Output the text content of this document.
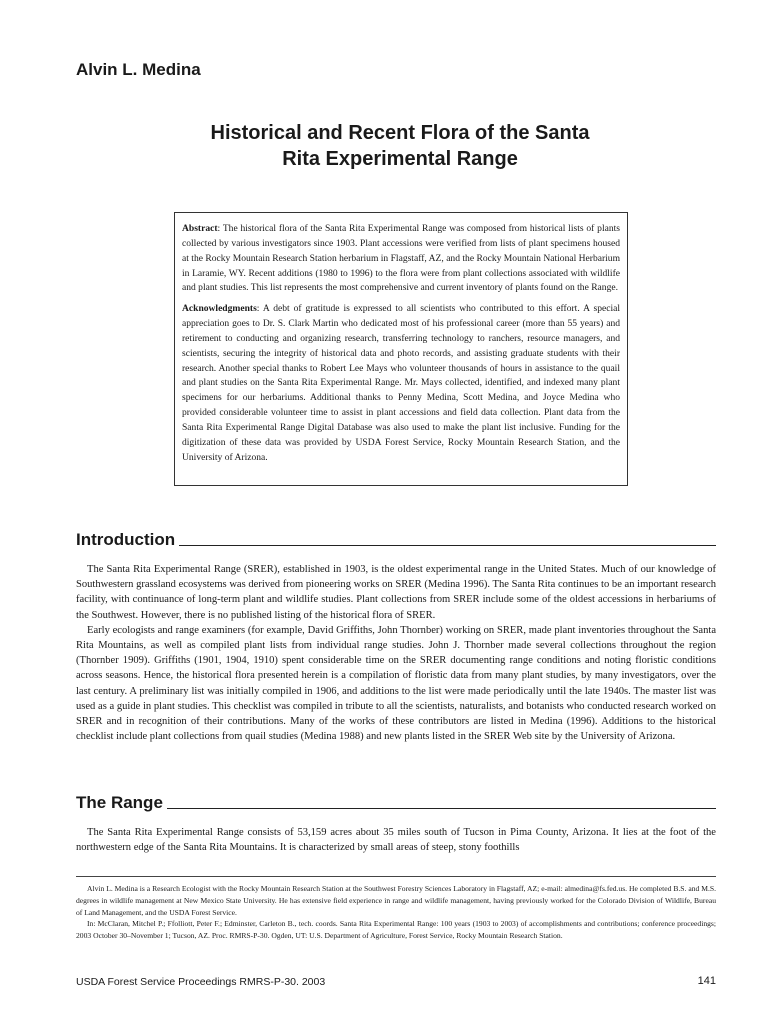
Alvin L. Medina
Historical and Recent Flora of the Santa
Rita Experimental Range

Abstract: The historical flora of the Santa Rita Experimental Range was composed from historical lists of plants collected by various investigators since 1903. Plant accessions were verified from lists of plant specimens housed at the Rocky Mountain Research Station herbarium in Flagstaff, AZ, and the Rocky Mountain National Herbarium in Laramie, WY. Recent additions (1980 to 1996) to the flora were from plant collections associated with wildlife and plant studies. This list represents the most comprehensive and current inventory of plants found on the Range.

Acknowledgments: A debt of gratitude is expressed to all scientists who contributed to this effort. A special appreciation goes to Dr. S. Clark Martin who dedicated most of his professional career (more than 55 years) and retirement to conducting and organizing research, transferring technology to ranchers, resource managers, and scientists, securing the integrity of historical data and photo records, and assisting graduate students with their research. Another special thanks to Robert Lee Mays who volunteer thousands of hours in assistance to the quail and plant studies on the Santa Rita Experimental Range. Mr. Mays collected, identified, and indexed many plant specimens for our herbariums. Additional thanks to Penny Medina, Scott Medina, and Joyce Medina who provided considerable volunteer time to assist in plant accessions and field data collection. Plant data from the Santa Rita Experimental Range Digital Database was also used to make the plant list inclusive. Funding for the digitization of these data was provided by USDA Forest Service, Rocky Mountain Research Station, and the University of Arizona.

Introduction

The Santa Rita Experimental Range (SRER), established in 1903, is the oldest experimental range in the United States. Much of our knowledge of Southwestern grassland ecosystems was derived from pioneering works on SRER (Medina 1996). The Santa Rita continues to be an important research facility, with continuance of long-term plant and wildlife studies. Plant collections from SRER include some of the oldest accessions in herbariums of the Southwest. However, there is no published listing of the historical flora of SRER.

Early ecologists and range examiners (for example, David Griffiths, John Thornber) working on SRER, made plant inventories throughout the Santa Rita Mountains, as well as compiled plant lists from individual range studies. John J. Thornber made several collections throughout the region (Thornber 1909). Griffiths (1901, 1904, 1910) spent considerable time on the SRER documenting range conditions and noting floristic conditions across seasons. Hence, the historical flora presented herein is a compilation of floristic data from many plant studies, by many investigators, over the last century. A preliminary list was initially compiled in 1906, and additions to the list were made periodically until the late 1940s. The master list was used as a guide in plant studies. This checklist was compiled in tribute to all the scientists, naturalists, and botanists who conducted research worked on SRER and in recognition of their contributions. Many of the works of these contributors are listed in Medina (1996). Additions to the historical checklist include plant collections from quail studies (Medina 1988) and new plants listed in the SRER Web site by the University of Arizona.

The Range

The Santa Rita Experimental Range consists of 53,159 acres about 35 miles south of Tucson in Pima County, Arizona. It lies at the foot of the northwestern edge of the Santa Rita Mountains. It is characterized by small areas of steep, stony foothills

Alvin L. Medina is a Research Ecologist with the Rocky Mountain Research Station at the Southwest Forestry Sciences Laboratory in Flagstaff, AZ; e-mail: almedina@fs.fed.us. He completed B.S. and M.S. degrees in wildlife management at New Mexico State University. He has extensive field experience in range and wildlife management, having previously worked for the Colorado Division of Wildlife, Bureau of Land Management, and the USDA Forest Service.

In: McClaran, Mitchel P.; Ffolliott, Peter F.; Edminster, Carleton B., tech. coords. Santa Rita Experimental Range: 100 years (1903 to 2003) of accomplishments and contributions; conference proceedings; 2003 October 30–November 1; Tucson, AZ. Proc. RMRS-P-30. Ogden, UT: U.S. Department of Agriculture, Forest Service, Rocky Mountain Research Station.

USDA Forest Service Proceedings RMRS-P-30. 2003	141
